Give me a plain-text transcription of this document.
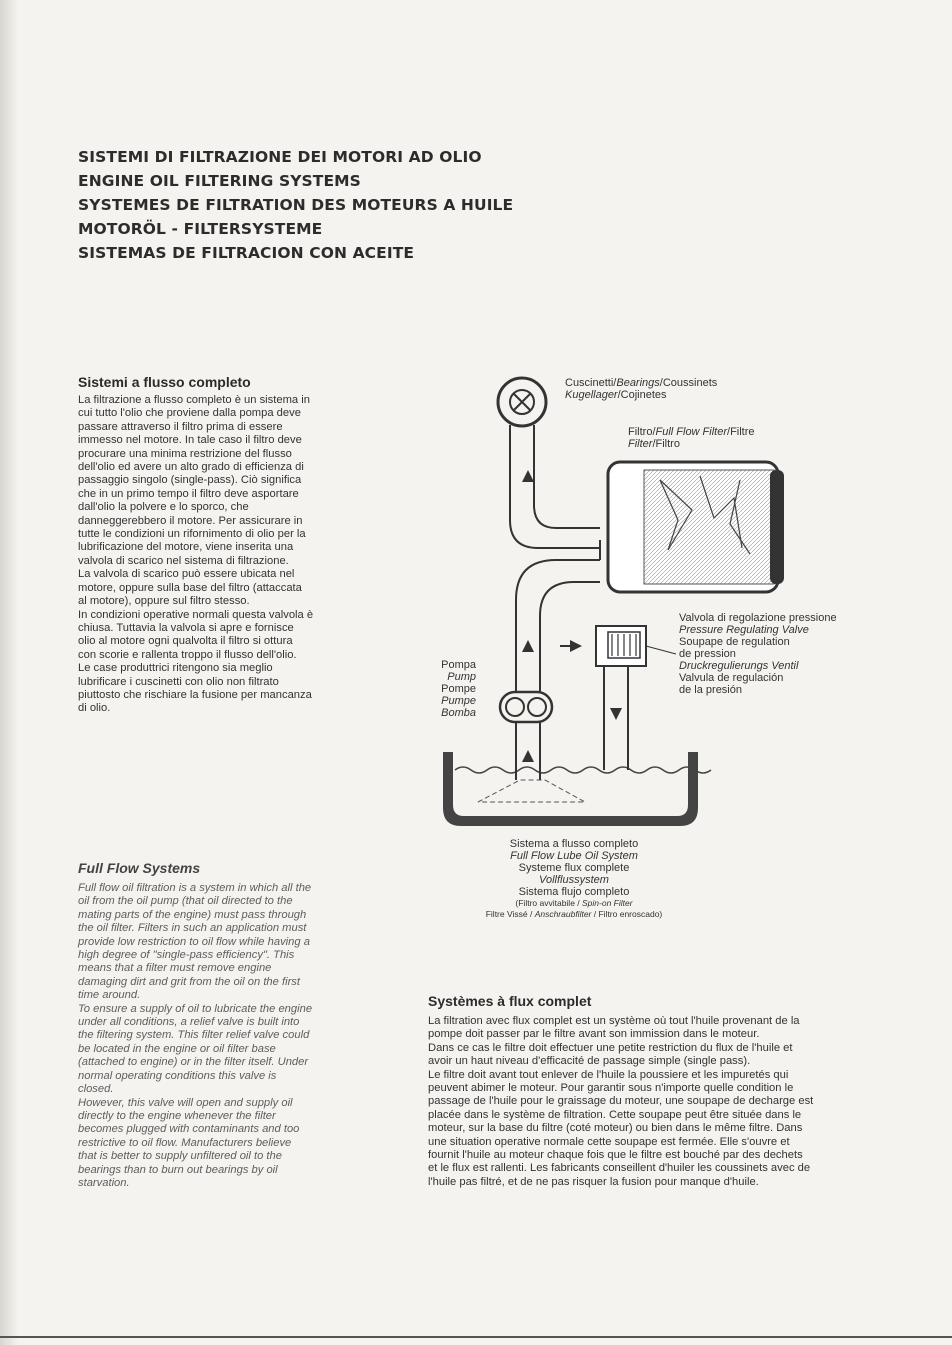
SISTEMI DI FILTRAZIONE DEI MOTORI AD OLIO
ENGINE OIL FILTERING SYSTEMS
SYSTEMES DE FILTRATION DES MOTEURS A HUILE
MOTORÖL - FILTERSYSTEME
SISTEMAS DE FILTRACION CON ACEITE
Sistemi a flusso completo
La filtrazione a flusso completo è un sistema in
cui tutto l'olio che proviene dalla pompa deve
passare attraverso il filtro prima di essere
immesso nel motore. In tale caso il filtro deve
procurare una minima restrizione del flusso
dell'olio ed avere un alto grado di efficienza di
passaggio singolo (single-pass). Ciò significa
che in un primo tempo il filtro deve asportare
dall'olio la polvere e lo sporco, che
danneggerebbero il motore. Per assicurare in
tutte le condizioni un rifornimento di olio per la
lubrificazione del motore, viene inserita una
valvola di scarico nel sistema di filtrazione.
La valvola di scarico può essere ubicata nel
motore, oppure sulla base del filtro (attaccata
al motore), oppure sul filtro stesso.
In condizioni operative normali questa valvola è
chiusa. Tuttavia la valvola si apre e fornisce
olio al motore ogni qualvolta il filtro si ottura
con scorie e rallenta troppo il flusso dell'olio.
Le case produttrici ritengono sia meglio
lubrificare i cuscinetti con olio non filtrato
piuttosto che rischiare la fusione per mancanza
di olio.
Full Flow Systems
Full flow oil filtration is a system in which all the
oil from the oil pump (that oil directed to the
mating parts of the engine) must pass through
the oil filter. Filters in such an application must
provide low restriction to oil flow while having a
high degree of "single-pass efficiency". This
means that a filter must remove engine
damaging dirt and grit from the oil on the first
time around.
To ensure a supply of oil to lubricate the engine
under all conditions, a relief valve is built into
the filtering system. This filter relief valve could
be located in the engine or oil filter base
(attached to engine) or in the filter itself. Under
normal operating conditions this valve is
closed.
However, this valve will open and supply oil
directly to the engine whenever the filter
becomes plugged with contaminants and too
restrictive to oil flow. Manufacturers believe
that is better to supply unfiltered oil to the
bearings than to burn out bearings by oil
starvation.
Systèmes à flux complet
La filtration avec flux complet est un système où tout l'huile provenant de la
pompe doit passer par le filtre avant son immission dans le moteur.
Dans ce cas le filtre doit effectuer une petite restriction du flux de l'huile et
avoir un haut niveau d'efficacité de passage simple (single pass).
Le filtre doit avant tout enlever de l'huile la poussiere et les impuretés qui
peuvent abimer le moteur. Pour garantir sous n'importe quelle condition le
passage de l'huile pour le graissage du moteur, une soupape de decharge est
placée dans le système de filtration. Cette soupape peut être située dans le
moteur, sur la base du filtre (coté moteur) ou bien dans le même filtre. Dans
une situation operative normale cette soupape est fermée. Elle s'ouvre et
fournit l'huile au moteur chaque fois que le filtre est bouché par des dechets
et le flux est rallenti. Les fabricants conseillent d'huiler les coussinets avec de
l'huile pas filtré, et de ne pas risquer la fusion pour manque d'huile.
Cuscinetti/Bearings/Coussinets
Kugellager/Cojinetes
Filtro/Full Flow Filter/Filtre
Filter/Filtro
Valvola di regolazione pressione
Pressure Regulating Valve
Soupape de regulation
de pression
Druckregulierungs Ventil
Valvula de regulación
de la presión
Pompa
Pump
Pompe
Pumpe
Bomba
Sistema a flusso completo
Full Flow Lube Oil System
Systeme flux complete
Vollflussystem
Sistema flujo completo
(Filtro avvitabile / Spin-on Filter
Filtre Vissé / Anschraubfilter / Filtro enroscado)
